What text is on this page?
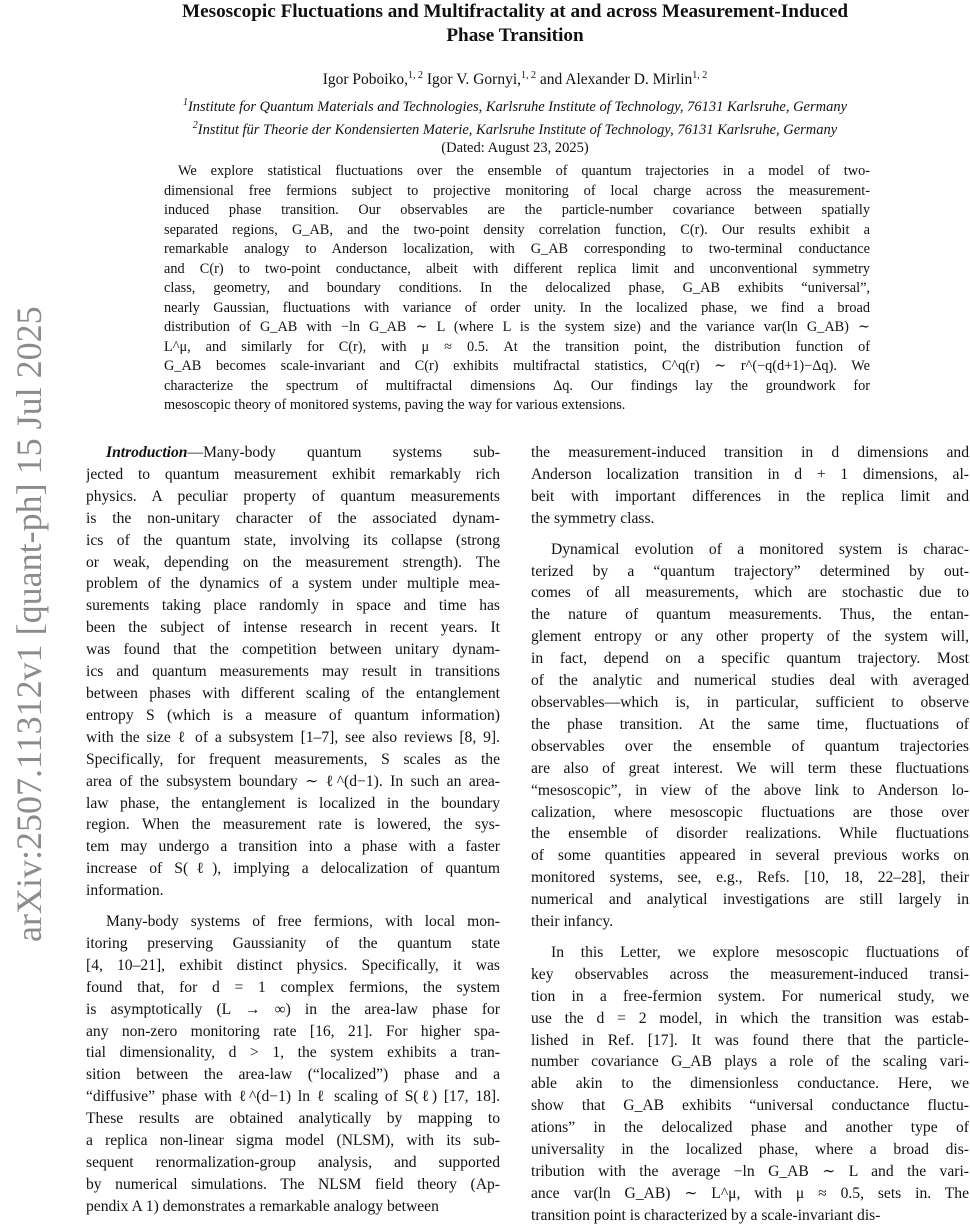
arXiv:2507.11312v1 [quant-ph] 15 Jul 2025
Mesoscopic Fluctuations and Multifractality at and across Measurement-Induced
Phase Transition
Igor Poboiko,$^{1, 2}$ Igor V. Gornyi,$^{1, 2}$ and Alexander D. Mirlin$^{1, 2}$
$^1$Institute for Quantum Materials and Technologies, Karlsruhe Institute of Technology, 76131 Karlsruhe, Germany
$^2$Institut für Theorie der Kondensierten Materie, Karlsruhe Institute of Technology, 76131 Karlsruhe, Germany
(Dated: August 23, 2025)
We explore statistical fluctuations over the ensemble of quantum trajectories in a model of two-
dimensional free fermions subject to projective monitoring of local charge across the measurement-
induced phase transition. Our observables are the particle-number covariance between spatially
separated regions, G_AB, and the two-point density correlation function, C(r). Our results exhibit a
remarkable analogy to Anderson localization, with G_AB corresponding to two-terminal conductance
and C(r) to two-point conductance, albeit with different replica limit and unconventional symmetry
class, geometry, and boundary conditions. In the delocalized phase, G_AB exhibits “universal”,
nearly Gaussian, fluctuations with variance of order unity. In the localized phase, we find a broad
distribution of G_AB with −ln G_AB ∼ L (where L is the system size) and the variance var(ln G_AB) ∼
L^μ, and similarly for C(r), with μ ≈ 0.5. At the transition point, the distribution function of
G_AB becomes scale-invariant and C(r) exhibits multifractal statistics, C^q(r) ∼ r^(−q(d+1)−Δq). We
characterize the spectrum of multifractal dimensions Δq. Our findings lay the groundwork for
mesoscopic theory of monitored systems, paving the way for various extensions.
Introduction—Many-body quantum systems sub-
jected to quantum measurement exhibit remarkably rich
physics. A peculiar property of quantum measurements
is the non-unitary character of the associated dynam-
ics of the quantum state, involving its collapse (strong
or weak, depending on the measurement strength). The
problem of the dynamics of a system under multiple mea-
surements taking place randomly in space and time has
been the subject of intense research in recent years. It
was found that the competition between unitary dynam-
ics and quantum measurements may result in transitions
between phases with different scaling of the entanglement
entropy S (which is a measure of quantum information)
with the size ℓ of a subsystem [1–7], see also reviews [8, 9].
Specifically, for frequent measurements, S scales as the
area of the subsystem boundary ∼ ℓ^(d−1). In such an area-
law phase, the entanglement is localized in the boundary
region. When the measurement rate is lowered, the sys-
tem may undergo a transition into a phase with a faster
increase of S(ℓ), implying a delocalization of quantum
information.
Many-body systems of free fermions, with local mon-
itoring preserving Gaussianity of the quantum state
[4, 10–21], exhibit distinct physics. Specifically, it was
found that, for d = 1 complex fermions, the system
is asymptotically (L → ∞) in the area-law phase for
any non-zero monitoring rate [16, 21]. For higher spa-
tial dimensionality, d > 1, the system exhibits a tran-
sition between the area-law (“localized”) phase and a
“diffusive” phase with ℓ^(d−1) ln ℓ scaling of S(ℓ) [17, 18].
These results are obtained analytically by mapping to
a replica non-linear sigma model (NLSM), with its sub-
sequent renormalization-group analysis, and supported
by numerical simulations. The NLSM field theory (Ap-
pendix A 1) demonstrates a remarkable analogy between
the measurement-induced transition in d dimensions and
Anderson localization transition in d + 1 dimensions, al-
beit with important differences in the replica limit and
the symmetry class.
Dynamical evolution of a monitored system is charac-
terized by a “quantum trajectory” determined by out-
comes of all measurements, which are stochastic due to
the nature of quantum measurements. Thus, the entan-
glement entropy or any other property of the system will,
in fact, depend on a specific quantum trajectory. Most
of the analytic and numerical studies deal with averaged
observables—which is, in particular, sufficient to observe
the phase transition. At the same time, fluctuations of
observables over the ensemble of quantum trajectories
are also of great interest. We will term these fluctuations
“mesoscopic”, in view of the above link to Anderson lo-
calization, where mesoscopic fluctuations are those over
the ensemble of disorder realizations. While fluctuations
of some quantities appeared in several previous works on
monitored systems, see, e.g., Refs. [10, 18, 22–28], their
numerical and analytical investigations are still largely in
their infancy.
In this Letter, we explore mesoscopic fluctuations of
key observables across the measurement-induced transi-
tion in a free-fermion system. For numerical study, we
use the d = 2 model, in which the transition was estab-
lished in Ref. [17]. It was found there that the particle-
number covariance G_AB plays a role of the scaling vari-
able akin to the dimensionless conductance. Here, we
show that G_AB exhibits “universal conductance fluctu-
ations” in the delocalized phase and another type of
universality in the localized phase, where a broad dis-
tribution with the average −ln G_AB ∼ L and the vari-
ance var(ln G_AB) ∼ L^μ, with μ ≈ 0.5, sets in. The
transition point is characterized by a scale-invariant dis-
